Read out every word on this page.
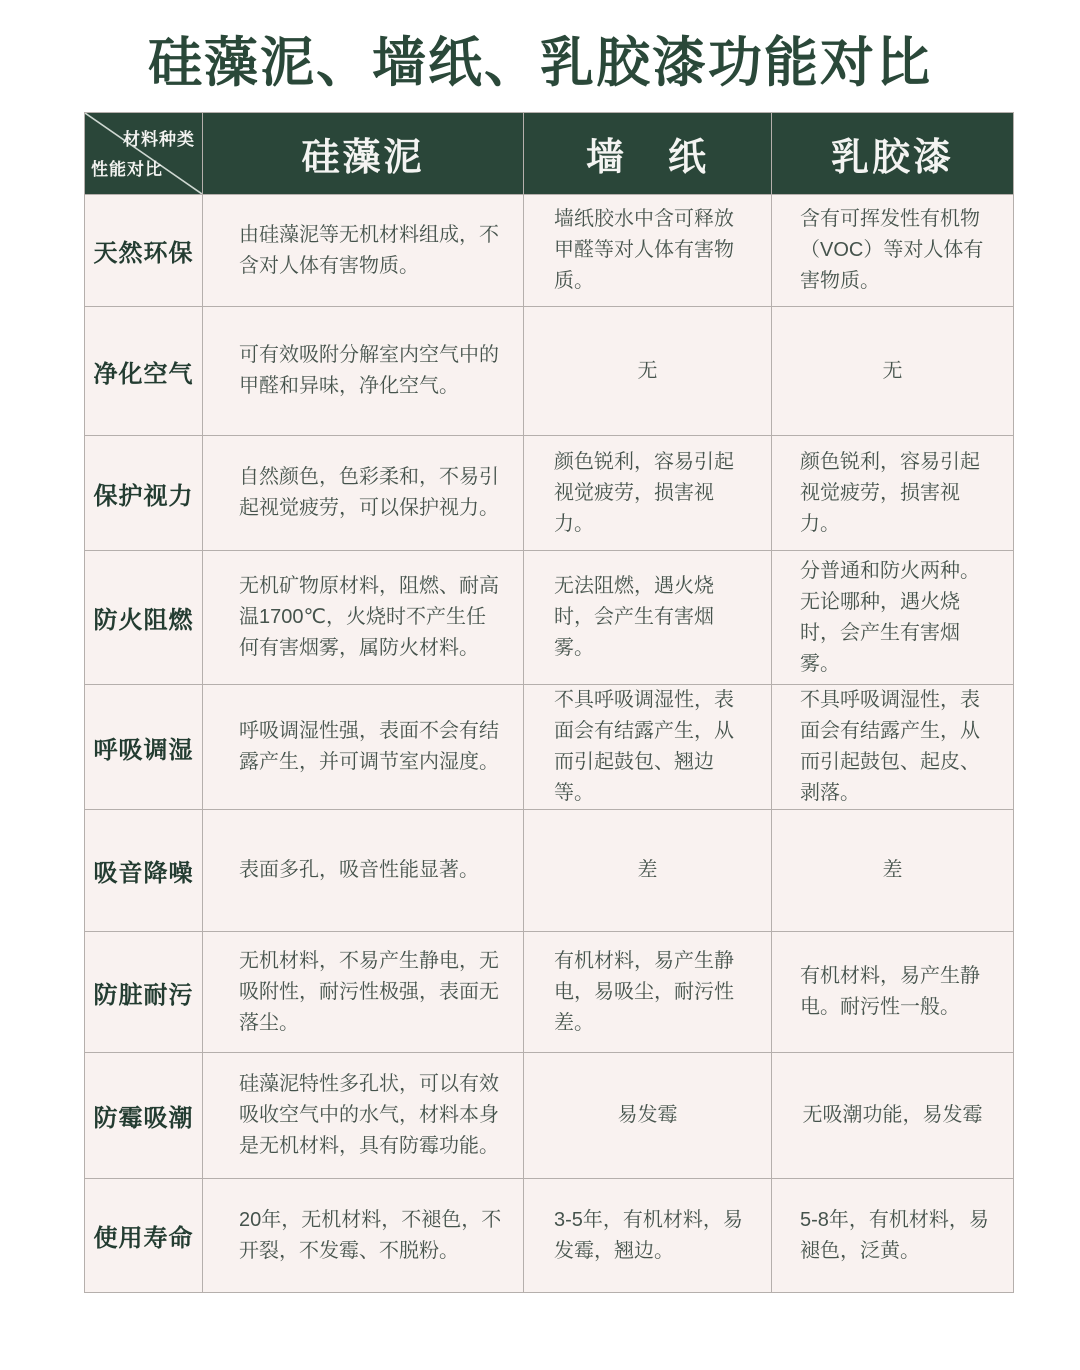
硅藻泥、墙纸、乳胶漆功能对比
材料种类
性能对比	硅藻泥	墙　纸	乳胶漆
天然环保	由硅藻泥等无机材料组成，不含对人体有害物质。	墙纸胶水中含可释放甲醛等对人体有害物质。	含有可挥发性有机物（VOC）等对人体有害物质。
净化空气	可有效吸附分解室内空气中的甲醛和异味，净化空气。	无	无
保护视力	自然颜色，色彩柔和，不易引起视觉疲劳，可以保护视力。	颜色锐利，容易引起视觉疲劳，损害视力。	颜色锐利，容易引起视觉疲劳，损害视力。
防火阻燃	无机矿物原材料，阻燃、耐高温1700℃，火烧时不产生任何有害烟雾，属防火材料。	无法阻燃，遇火烧时，会产生有害烟雾。	分普通和防火两种。无论哪种，遇火烧时，会产生有害烟雾。
呼吸调湿	呼吸调湿性强，表面不会有结露产生，并可调节室内湿度。	不具呼吸调湿性，表面会有结露产生，从而引起鼓包、翘边等。	不具呼吸调湿性，表面会有结露产生，从而引起鼓包、起皮、剥落。
吸音降噪	表面多孔，吸音性能显著。	差	差
防脏耐污	无机材料，不易产生静电，无吸附性，耐污性极强，表面无落尘。	有机材料，易产生静电，易吸尘，耐污性差。	有机材料，易产生静电。耐污性一般。
防霉吸潮	硅藻泥特性多孔状，可以有效吸收空气中的水气，材料本身是无机材料，具有防霉功能。	易发霉	无吸潮功能，易发霉
使用寿命	20年，无机材料，不褪色，不开裂，不发霉、不脱粉。	3-5年，有机材料，易发霉，翘边。	5-8年，有机材料，易褪色，泛黄。
